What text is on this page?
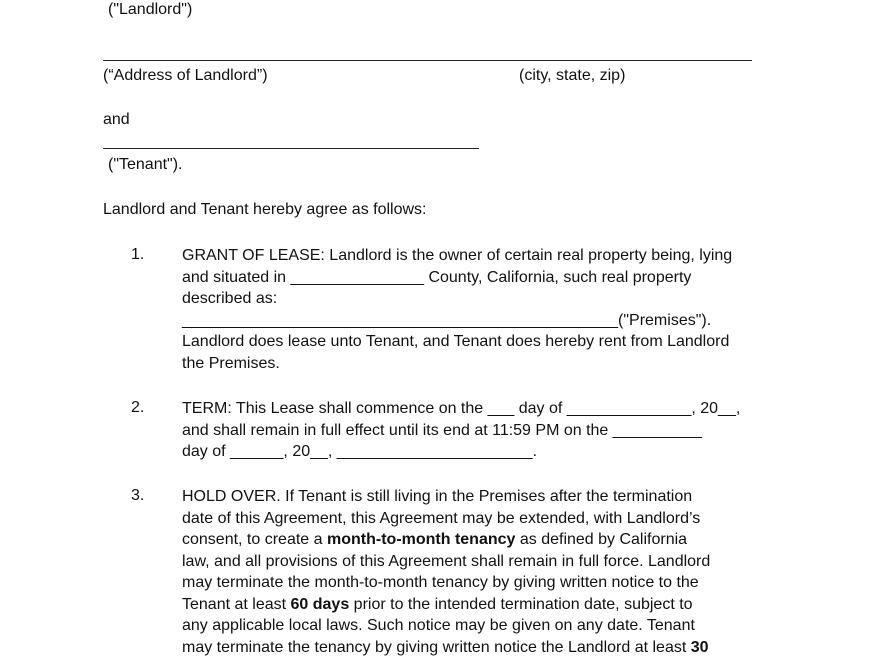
("Landlord")
(“Address of Landlord”)	(city, state, zip)
and
("Tenant").
Landlord and Tenant hereby agree as follows:
1. GRANT OF LEASE: Landlord is the owner of certain real property being, lying
and situated in _______________ County, California, such real property
described as:
_________________________________________________("Premises").
Landlord does lease unto Tenant, and Tenant does hereby rent from Landlord
the Premises.
2. TERM: This Lease shall commence on the ___ day of ______________, 20__,
and shall remain in full effect until its end at 11:59 PM on the __________
day of ______, 20__, ______________________.
3. HOLD OVER. If Tenant is still living in the Premises after the termination
date of this Agreement, this Agreement may be extended, with Landlord’s
consent, to create a month-to-month tenancy as defined by California
law, and all provisions of this Agreement shall remain in full force. Landlord
may terminate the month-to-month tenancy by giving written notice to the
Tenant at least 60 days prior to the intended termination date, subject to
any applicable local laws. Such notice may be given on any date. Tenant
may terminate the tenancy by giving written notice the Landlord at least 30
